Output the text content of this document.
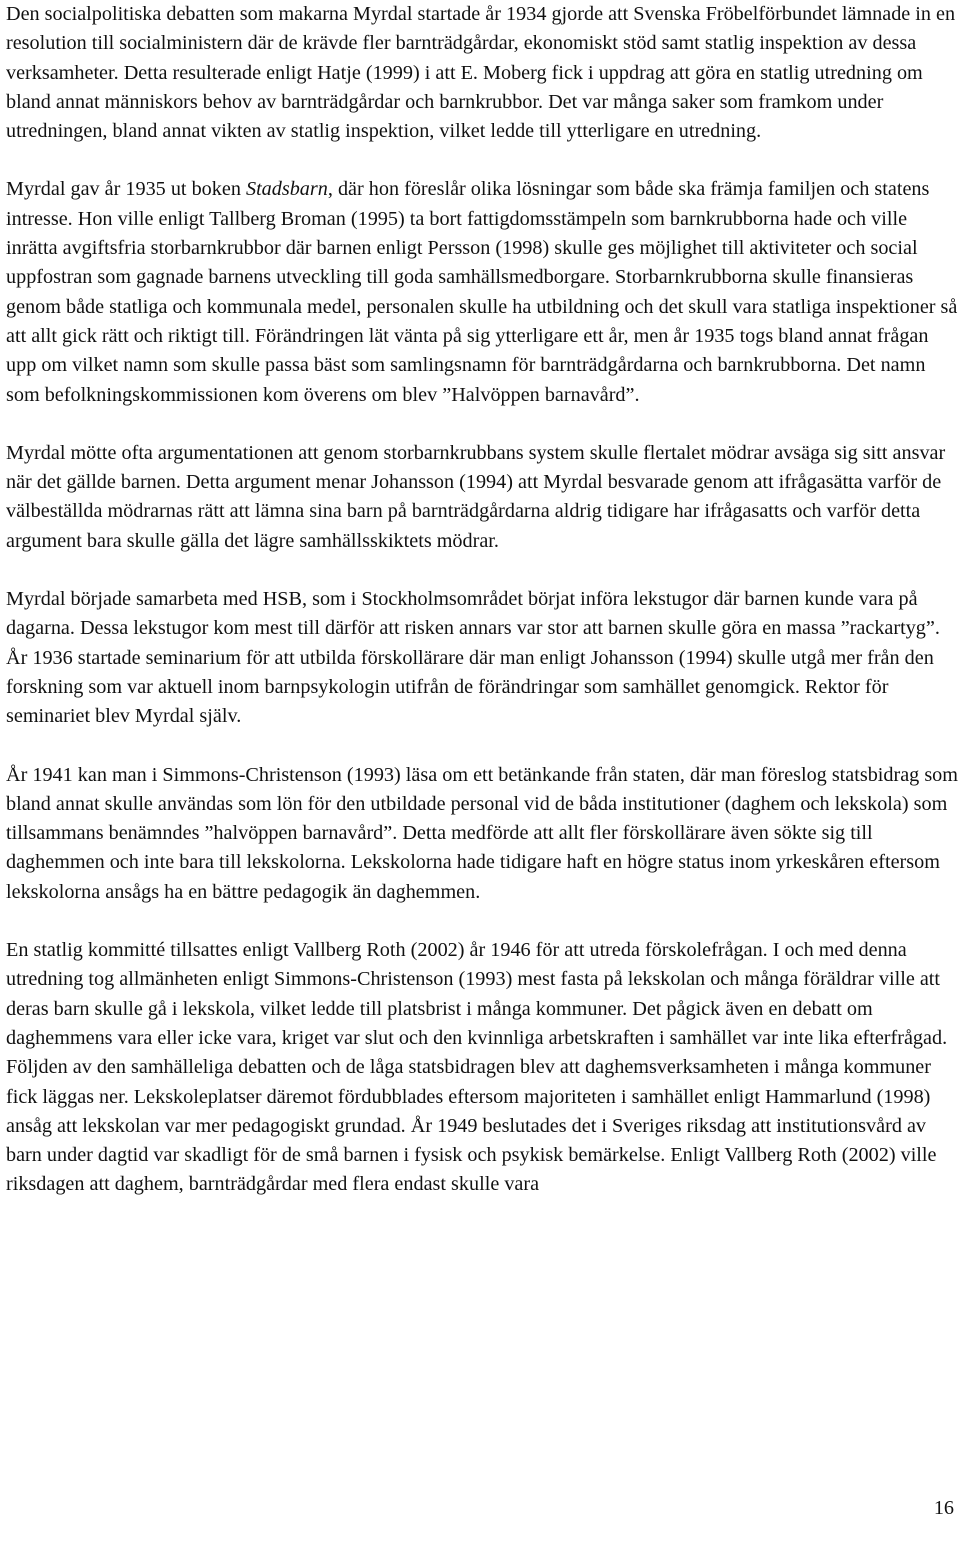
Den socialpolitiska debatten som makarna Myrdal startade år 1934 gjorde att Svenska Fröbelförbundet lämnade in en resolution till socialministern där de krävde fler barnträdgårdar, ekonomiskt stöd samt statlig inspektion av dessa verksamheter. Detta resulterade enligt Hatje (1999) i att E. Moberg fick i uppdrag att göra en statlig utredning om bland annat människors behov av barnträdgårdar och barnkrubbor. Det var många saker som framkom under utredningen, bland annat vikten av statlig inspektion, vilket ledde till ytterligare en utredning.

Myrdal gav år 1935 ut boken Stadsbarn, där hon föreslår olika lösningar som både ska främja familjen och statens intresse. Hon ville enligt Tallberg Broman (1995) ta bort fattigdomsstämpeln som barnkrubborna hade och ville inrätta avgiftsfria storbarnkrubbor där barnen enligt Persson (1998) skulle ges möjlighet till aktiviteter och social uppfostran som gagnade barnens utveckling till goda samhällsmedborgare. Storbarnkrubborna skulle finansieras genom både statliga och kommunala medel, personalen skulle ha utbildning och det skull vara statliga inspektioner så att allt gick rätt och riktigt till. Förändringen lät vänta på sig ytterligare ett år, men år 1935 togs bland annat frågan upp om vilket namn som skulle passa bäst som samlingsnamn för barnträdgårdarna och barnkrubborna. Det namn som befolkningskommissionen kom överens om blev ”Halvöppen barnavård”.

Myrdal mötte ofta argumentationen att genom storbarnkrubbans system skulle flertalet mödrar avsäga sig sitt ansvar när det gällde barnen. Detta argument menar Johansson (1994) att Myrdal besvarade genom att ifrågasätta varför de välbeställda mödrarnas rätt att lämna sina barn på barnträdgårdarna aldrig tidigare har ifrågasatts och varför detta argument bara skulle gälla det lägre samhällsskiktets mödrar.

Myrdal började samarbeta med HSB, som i Stockholmsområdet börjat införa lekstugor där barnen kunde vara på dagarna. Dessa lekstugor kom mest till därför att risken annars var stor att barnen skulle göra en massa ”rackartyg”. År 1936 startade seminarium för att utbilda förskollärare där man enligt Johansson (1994) skulle utgå mer från den forskning som var aktuell inom barnpsykologin utifrån de förändringar som samhället genomgick. Rektor för seminariet blev Myrdal själv.

År 1941 kan man i Simmons-Christenson (1993) läsa om ett betänkande från staten, där man föreslog statsbidrag som bland annat skulle användas som lön för den utbildade personal vid de båda institutioner (daghem och lekskola) som tillsammans benämndes ”halvöppen barnavård”. Detta medförde att allt fler förskollärare även sökte sig till daghemmen och inte bara till lekskolorna. Lekskolorna hade tidigare haft en högre status inom yrkeskåren eftersom lekskolorna ansågs ha en bättre pedagogik än daghemmen.

En statlig kommitté tillsattes enligt Vallberg Roth (2002) år 1946 för att utreda förskolefrågan. I och med denna utredning tog allmänheten enligt Simmons-Christenson (1993) mest fasta på lekskolan och många föräldrar ville att deras barn skulle gå i lekskola, vilket ledde till platsbrist i många kommuner. Det pågick även en debatt om daghemmens vara eller icke vara, kriget var slut och den kvinnliga arbetskraften i samhället var inte lika efterfrågad. Följden av den samhälleliga debatten och de låga statsbidragen blev att daghemsverksamheten i många kommuner fick läggas ner. Lekskoleplatser däremot fördubblades eftersom majoriteten i samhället enligt Hammarlund (1998) ansåg att lekskolan var mer pedagogiskt grundad. År 1949 beslutades det i Sveriges riksdag att institutionsvård av barn under dagtid var skadligt för de små barnen i fysisk och psykisk bemärkelse. Enligt Vallberg Roth (2002) ville riksdagen att daghem, barnträdgårdar med flera endast skulle vara

16
